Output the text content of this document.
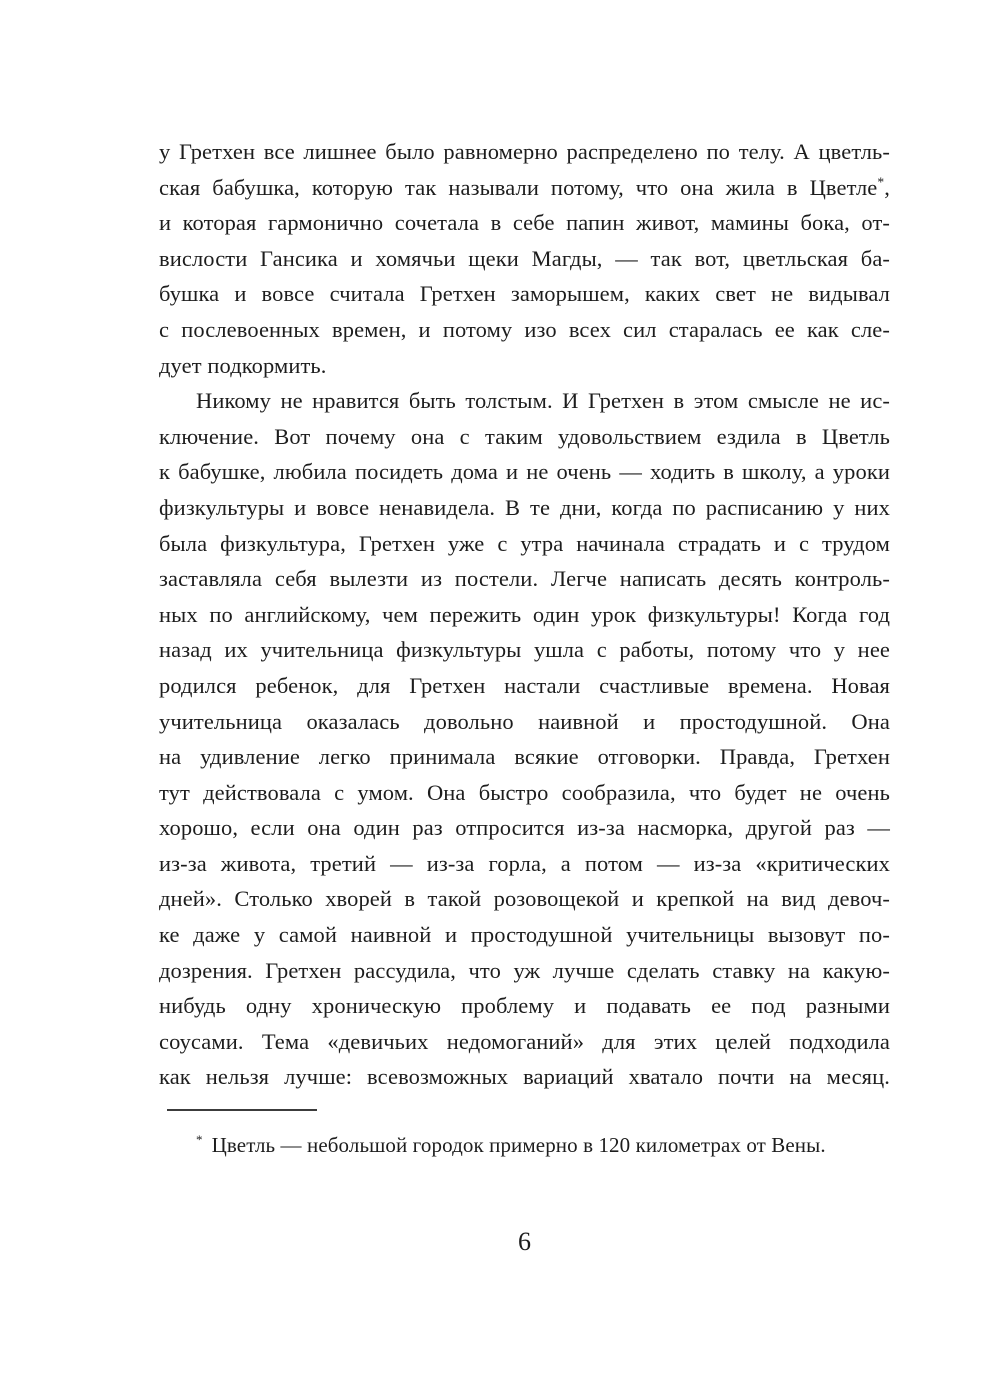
у Гретхен все лишнее было равномерно распределено по телу. А цветль-
ская бабушка, которую так называли потому, что она жила в Цветле*,
и которая гармонично сочетала в себе папин живот, мамины бока, от-
вислости Гансика и хомячьи щеки Магды, — так вот, цветльская ба-
бушка и вовсе считала Гретхен заморышем, каких свет не видывал
с послевоенных времен, и потому изо всех сил старалась ее как сле-
дует подкормить.
Никому не нравится быть толстым. И Гретхен в этом смысле не ис-
ключение. Вот почему она с таким удовольствием ездила в Цветль
к бабушке, любила посидеть дома и не очень — ходить в школу, а уроки
физкультуры и вовсе ненавидела. В те дни, когда по расписанию у них
была физкультура, Гретхен уже с утра начинала страдать и с трудом
заставляла себя вылезти из постели. Легче написать десять контроль-
ных по английскому, чем пережить один урок физкультуры! Когда год
назад их учительница физкультуры ушла с работы, потому что у нее
родился ребенок, для Гретхен настали счастливые времена. Новая
учительница оказалась довольно наивной и простодушной. Она
на удивление легко принимала всякие отговорки. Правда, Гретхен
тут действовала с умом. Она быстро сообразила, что будет не очень
хорошо, если она один раз отпросится из-за насморка, другой раз —
из-за живота, третий — из-за горла, а потом — из-за «критических
дней». Столько хворей в такой розовощекой и крепкой на вид девоч-
ке даже у самой наивной и простодушной учительницы вызовут по-
дозрения. Гретхен рассудила, что уж лучше сделать ставку на какую-
нибудь одну хроническую проблему и подавать ее под разными
соусами. Тема «девичьих недомоганий» для этих целей подходила
как нельзя лучше: всевозможных вариаций хватало почти на месяц.

* Цветль — небольшой городок примерно в 120 километрах от Вены.

6
